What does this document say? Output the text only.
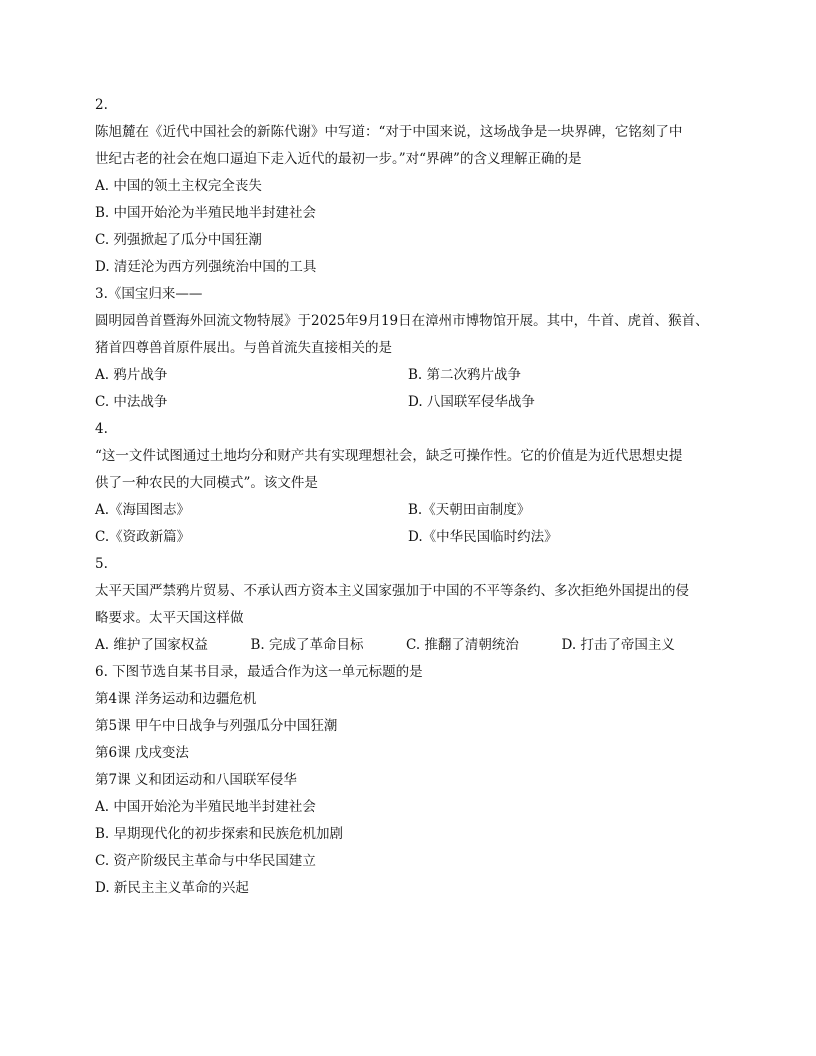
2.
陈旭麓在《近代中国社会的新陈代谢》中写道：“对于中国来说，这场战争是一块界碑，它铭刻了中
世纪古老的社会在炮口逼迫下走入近代的最初一步。”对“界碑”的含义理解正确的是
A. 中国的领土主权完全丧失
B. 中国开始沦为半殖民地半封建社会
C. 列强掀起了瓜分中国狂潮
D. 清廷沦为西方列强统治中国的工具
3.《国宝归来——
圆明园兽首暨海外回流文物特展》于2025年9月19日在漳州市博物馆开展。其中，牛首、虎首、猴首、
猪首四尊兽首原件展出。与兽首流失直接相关的是
A. 鸦片战争	B. 第二次鸦片战争
C. 中法战争	D. 八国联军侵华战争
4.
“这一文件试图通过土地均分和财产共有实现理想社会，缺乏可操作性。它的价值是为近代思想史提
供了一种农民的大同模式”。该文件是
A.《海国图志》	B.《天朝田亩制度》
C.《资政新篇》	D.《中华民国临时约法》
5.
太平天国严禁鸦片贸易、不承认西方资本主义国家强加于中国的不平等条约、多次拒绝外国提出的侵
略要求。太平天国这样做
A. 维护了国家权益	B. 完成了革命目标	C. 推翻了清朝统治	D. 打击了帝国主义
6. 下图节选自某书目录，最适合作为这一单元标题的是
第4课 洋务运动和边疆危机
第5课 甲午中日战争与列强瓜分中国狂潮
第6课 戊戌变法
第7课 义和团运动和八国联军侵华
A. 中国开始沦为半殖民地半封建社会
B. 早期现代化的初步探索和民族危机加剧
C. 资产阶级民主革命与中华民国建立
D. 新民主主义革命的兴起
